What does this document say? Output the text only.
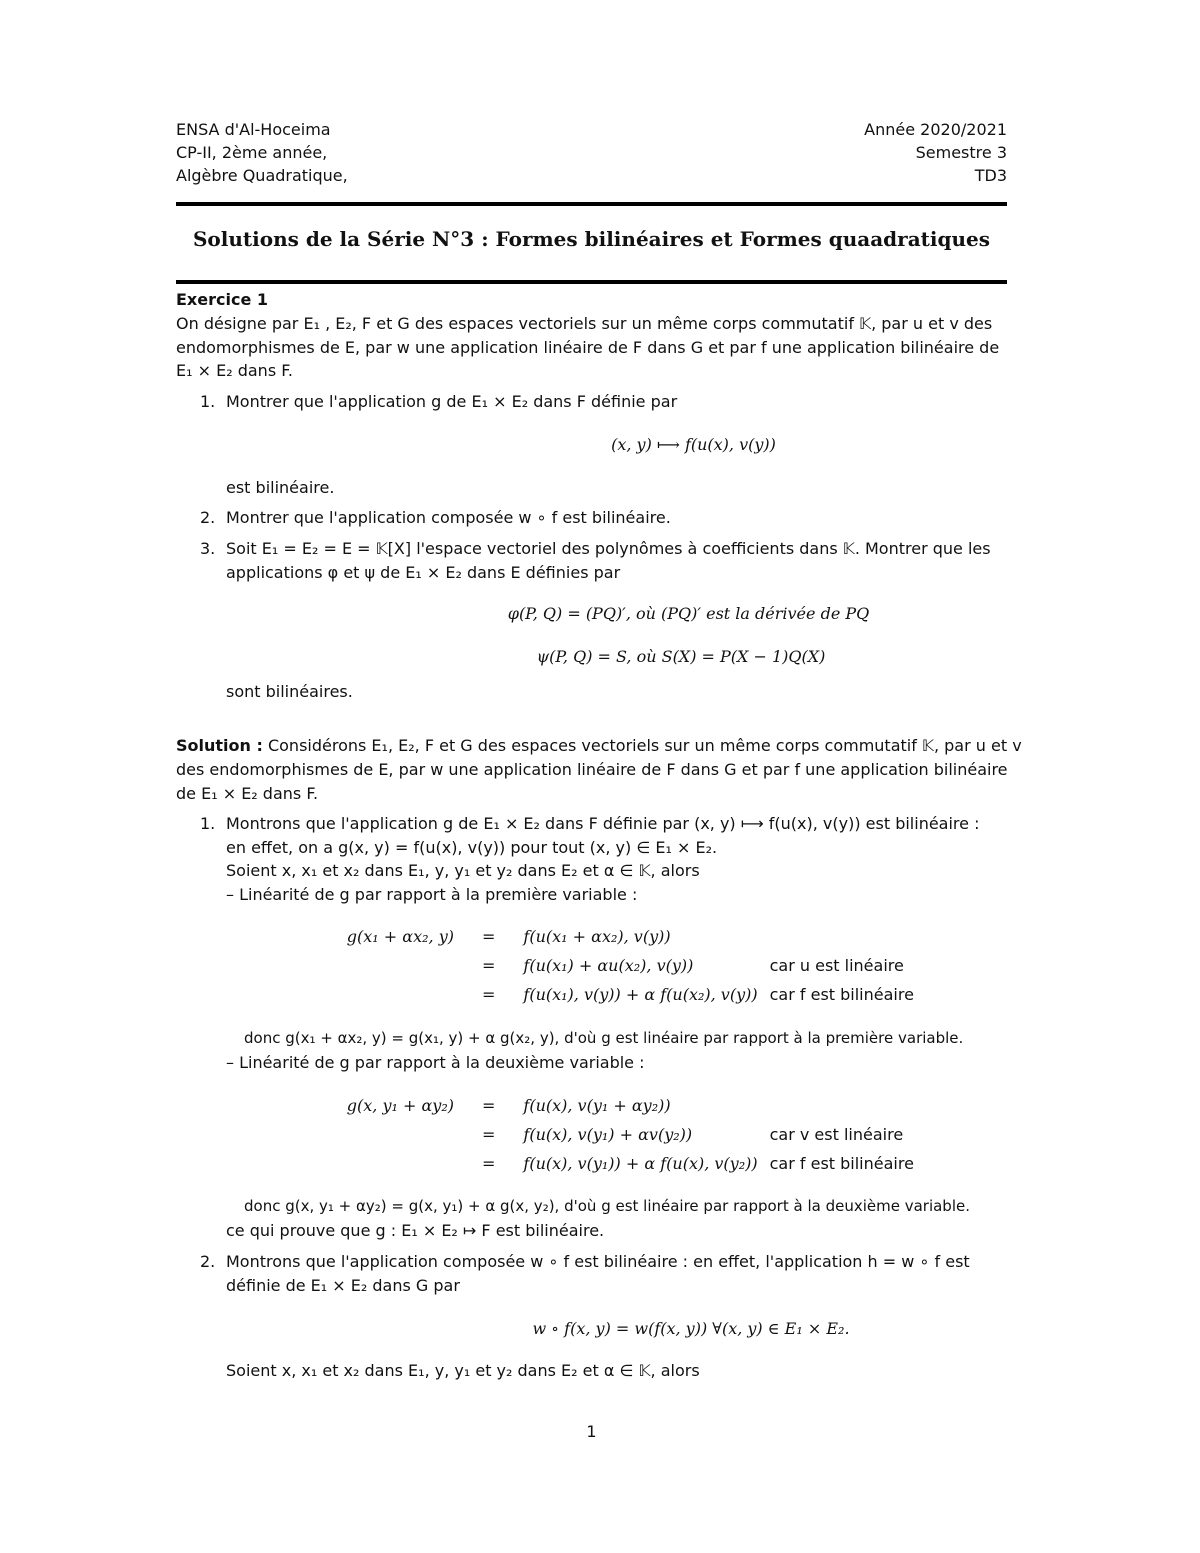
ENSA d'Al-Hoceima
CP-II, 2ème année,
Algèbre Quadratique,
Année 2020/2021
Semestre 3
TD3
Solutions de la Série N°3 : Formes bilinéaires et Formes quaadratiques
Exercice 1
On désigne par E₁ , E₂, F et G des espaces vectoriels sur un même corps commutatif 𝕂, par u et v des
endomorphismes de E, par w une application linéaire de F dans G et par f une application bilinéaire de
E₁ × E₂ dans F.
1. Montrer que l'application g de E₁ × E₂ dans F définie par
(x, y) ⟼ f(u(x), v(y))
est bilinéaire.
2. Montrer que l'application composée w ∘ f est bilinéaire.
3. Soit E₁ = E₂ = E = 𝕂[X] l'espace vectoriel des polynômes à coefficients dans 𝕂. Montrer que les
applications φ et ψ de E₁ × E₂ dans E définies par
φ(P, Q) = (PQ)′, où (PQ)′ est la dérivée de PQ
ψ(P, Q) = S, où S(X) = P(X − 1)Q(X)
sont bilinéaires.
Solution : Considérons E₁, E₂, F et G des espaces vectoriels sur un même corps commutatif 𝕂, par u et v
des endomorphismes de E, par w une application linéaire de F dans G et par f une application bilinéaire
de E₁ × E₂ dans F.
1. Montrons que l'application g de E₁ × E₂ dans F définie par (x, y) ⟼ f(u(x), v(y)) est bilinéaire :
en effet, on a g(x, y) = f(u(x), v(y)) pour tout (x, y) ∈ E₁ × E₂.
Soient x, x₁ et x₂ dans E₁, y, y₁ et y₂ dans E₂ et α ∈ 𝕂, alors
– Linéarité de g par rapport à la première variable :
g(x₁ + αx₂, y)	=	f(u(x₁ + αx₂), v(y))	
	=	f(u(x₁) + αu(x₂), v(y))	car u est linéaire
	=	f(u(x₁), v(y)) + α f(u(x₂), v(y))	car f est bilinéaire
donc g(x₁ + αx₂, y) = g(x₁, y) + α g(x₂, y), d'où g est linéaire par rapport à la première variable.
– Linéarité de g par rapport à la deuxième variable :
g(x, y₁ + αy₂)	=	f(u(x), v(y₁ + αy₂))	
	=	f(u(x), v(y₁) + αv(y₂))	car v est linéaire
	=	f(u(x), v(y₁)) + α f(u(x), v(y₂))	car f est bilinéaire
donc g(x, y₁ + αy₂) = g(x, y₁) + α g(x, y₂), d'où g est linéaire par rapport à la deuxième variable.
ce qui prouve que g : E₁ × E₂ ↦ F est bilinéaire.
2. Montrons que l'application composée w ∘ f est bilinéaire : en effet, l'application h = w ∘ f est
définie de E₁ × E₂ dans G par
w ∘ f(x, y) = w(f(x, y)) ∀(x, y) ∈ E₁ × E₂.
Soient x, x₁ et x₂ dans E₁, y, y₁ et y₂ dans E₂ et α ∈ 𝕂, alors
1
